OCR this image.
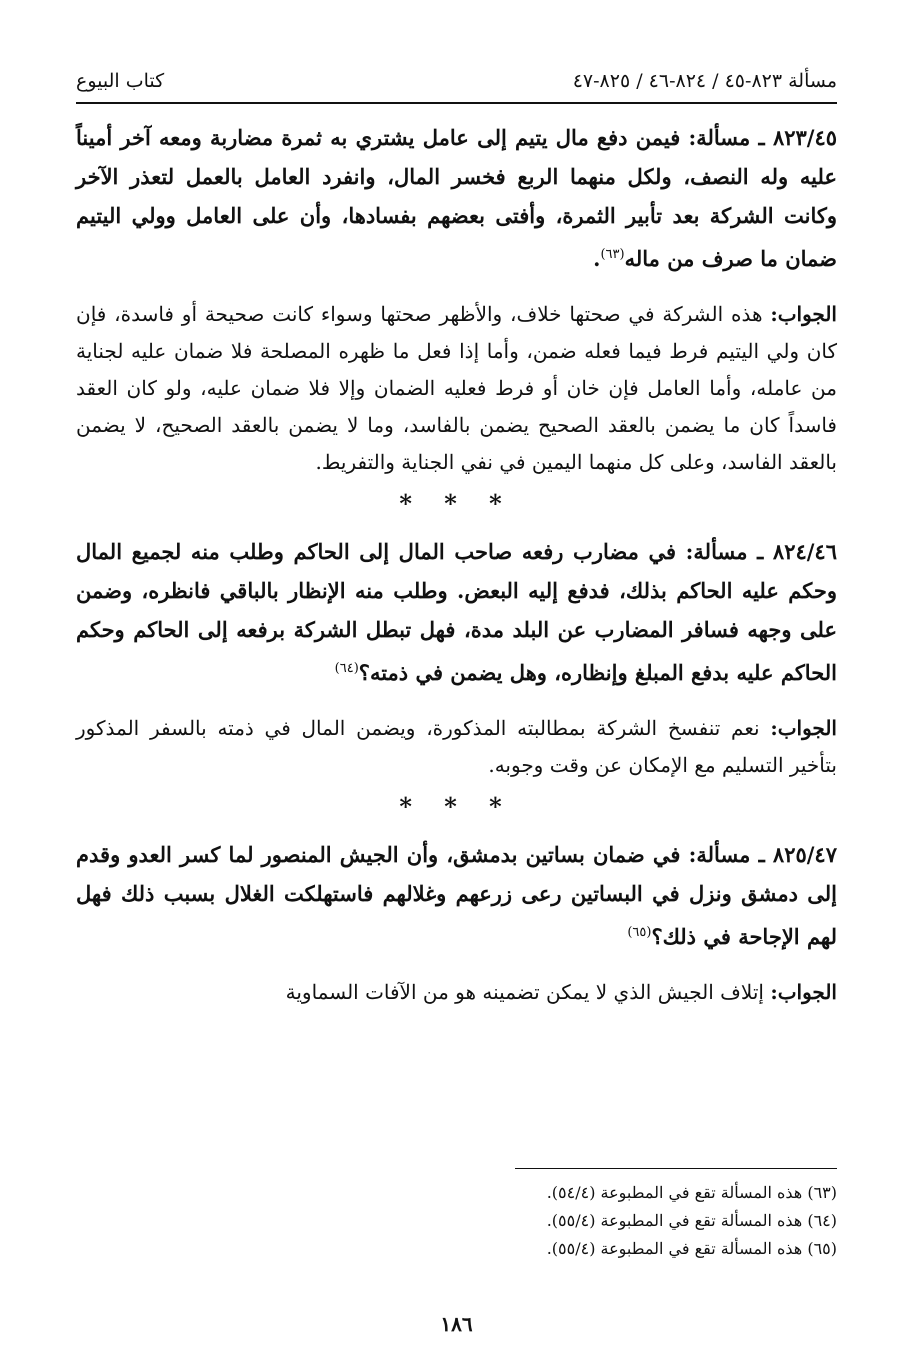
مسألة ٨٢٣-٤٥ / ٨٢٤-٤٦ / ٨٢٥-٤٧
كتاب البيوع

٨٢٣/٤٥ ـ مسألة: فيمن دفع مال يتيم إلى عامل يشتري به ثمرة مضاربة ومعه آخر أميناً عليه وله النصف، ولكل منهما الربع فخسر المال، وانفرد العامل بالعمل لتعذر الآخر وكانت الشركة بعد تأبير الثمرة، وأفتى بعضهم بفسادها، وأن على العامل وولي اليتيم ضمان ما صرف من ماله$^{(٦٣)}$.

الجواب: هذه الشركة في صحتها خلاف، والأظهر صحتها وسواء كانت صحيحة أو فاسدة، فإن كان ولي اليتيم فرط فيما فعله ضمن، وأما إذا فعل ما ظهره المصلحة فلا ضمان عليه لجناية من عامله، وأما العامل فإن خان أو فرط فعليه الضمان وإلا فلا ضمان عليه، ولو كان العقد فاسداً كان ما يضمن بالعقد الصحيح يضمن بالفاسد، وما لا يضمن بالعقد الصحيح، لا يضمن بالعقد الفاسد، وعلى كل منهما اليمين في نفي الجناية والتفريط.

* * *

٨٢٤/٤٦ ـ مسألة: في مضارب رفعه صاحب المال إلى الحاكم وطلب منه لجميع المال وحكم عليه الحاكم بذلك، فدفع إليه البعض. وطلب منه الإنظار بالباقي فانظره، وضمن على وجهه فسافر المضارب عن البلد مدة، فهل تبطل الشركة برفعه إلى الحاكم وحكم الحاكم عليه بدفع المبلغ وإنظاره، وهل يضمن في ذمته؟$^{(٦٤)}$

الجواب: نعم تنفسخ الشركة بمطالبته المذكورة، ويضمن المال في ذمته بالسفر المذكور بتأخير التسليم مع الإمكان عن وقت وجوبه.

* * *

٨٢٥/٤٧ ـ مسألة: في ضمان بساتين بدمشق، وأن الجيش المنصور لما كسر العدو وقدم إلى دمشق ونزل في البساتين رعى زرعهم وغلالهم فاستهلكت الغلال بسبب ذلك فهل لهم الإجاحة في ذلك؟$^{(٦٥)}$

الجواب: إتلاف الجيش الذي لا يمكن تضمينه هو من الآفات السماوية

(٦٣) هذه المسألة تقع في المطبوعة (٥٤/٤).

(٦٤) هذه المسألة تقع في المطبوعة (٥٥/٤).

(٦٥) هذه المسألة تقع في المطبوعة (٥٥/٤).

١٨٦
